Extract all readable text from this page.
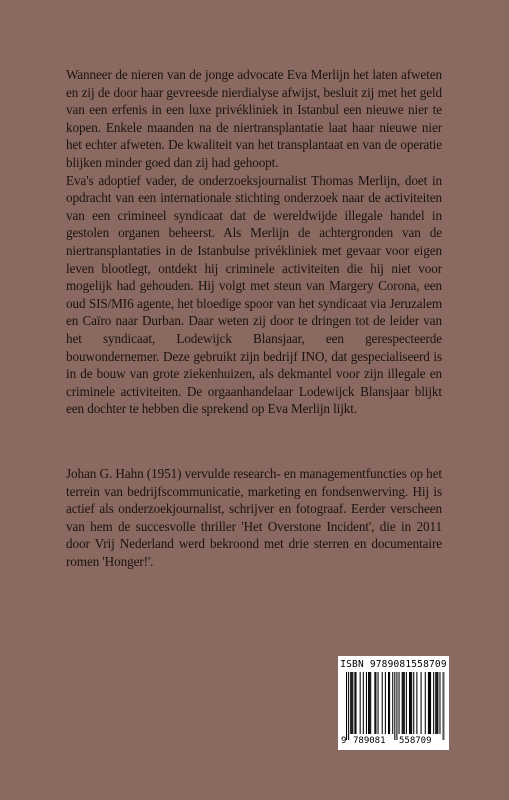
Wanneer de nieren van de jonge advocate Eva Merlijn het laten afweten en zij de door haar gevreesde nierdialyse afwijst, besluit zij met het geld van een erfenis in een luxe privékliniek in Istanbul een nieuwe nier te kopen. Enkele maanden na de niertransplantatie laat haar nieuwe nier het echter afweten. De kwaliteit van het transplantaat en van de operatie blijken minder goed dan zij had gehoopt.

Eva's adoptief vader, de onderzoeksjournalist Thomas Merlijn, doet in opdracht van een internationale stichting onderzoek naar de activiteiten van een crimineel syndicaat dat de wereldwijde illegale handel in gestolen organen beheerst. Als Merlijn de achtergronden van de niertransplantaties in de Istanbulse privékliniek met gevaar voor eigen leven blootlegt, ontdekt hij criminele activiteiten die hij niet voor mogelijk had gehouden. Hij volgt met steun van Margery Corona, een oud SIS/MI6 agente, het bloedige spoor van het syndicaat via Jeruzalem en Caïro naar Durban. Daar weten zij door te dringen tot de leider van het syndicaat, Lodewijck Blansjaar, een gerespecteerde bouwondernemer. Deze gebruikt zijn bedrijf INO, dat gespecialiseerd is in de bouw van grote ziekenhuizen, als dekmantel voor zijn illegale en criminele activiteiten. De orgaanhandelaar Lodewijck Blansjaar blijkt een dochter te hebben die sprekend op Eva Merlijn lijkt.

Johan G. Hahn (1951) vervulde research- en managementfuncties op het terrein van bedrijfscommunicatie, marketing en fondsenwerving. Hij is actief als onderzoekjournalist, schrijver en fotograaf. Eerder verscheen van hem de succesvolle thriller 'Het Overstone Incident', die in 2011 door Vrij Nederland werd bekroond met drie sterren en documentaire romen 'Honger!'.

ISBN 9789081558709
9 789081 558709
